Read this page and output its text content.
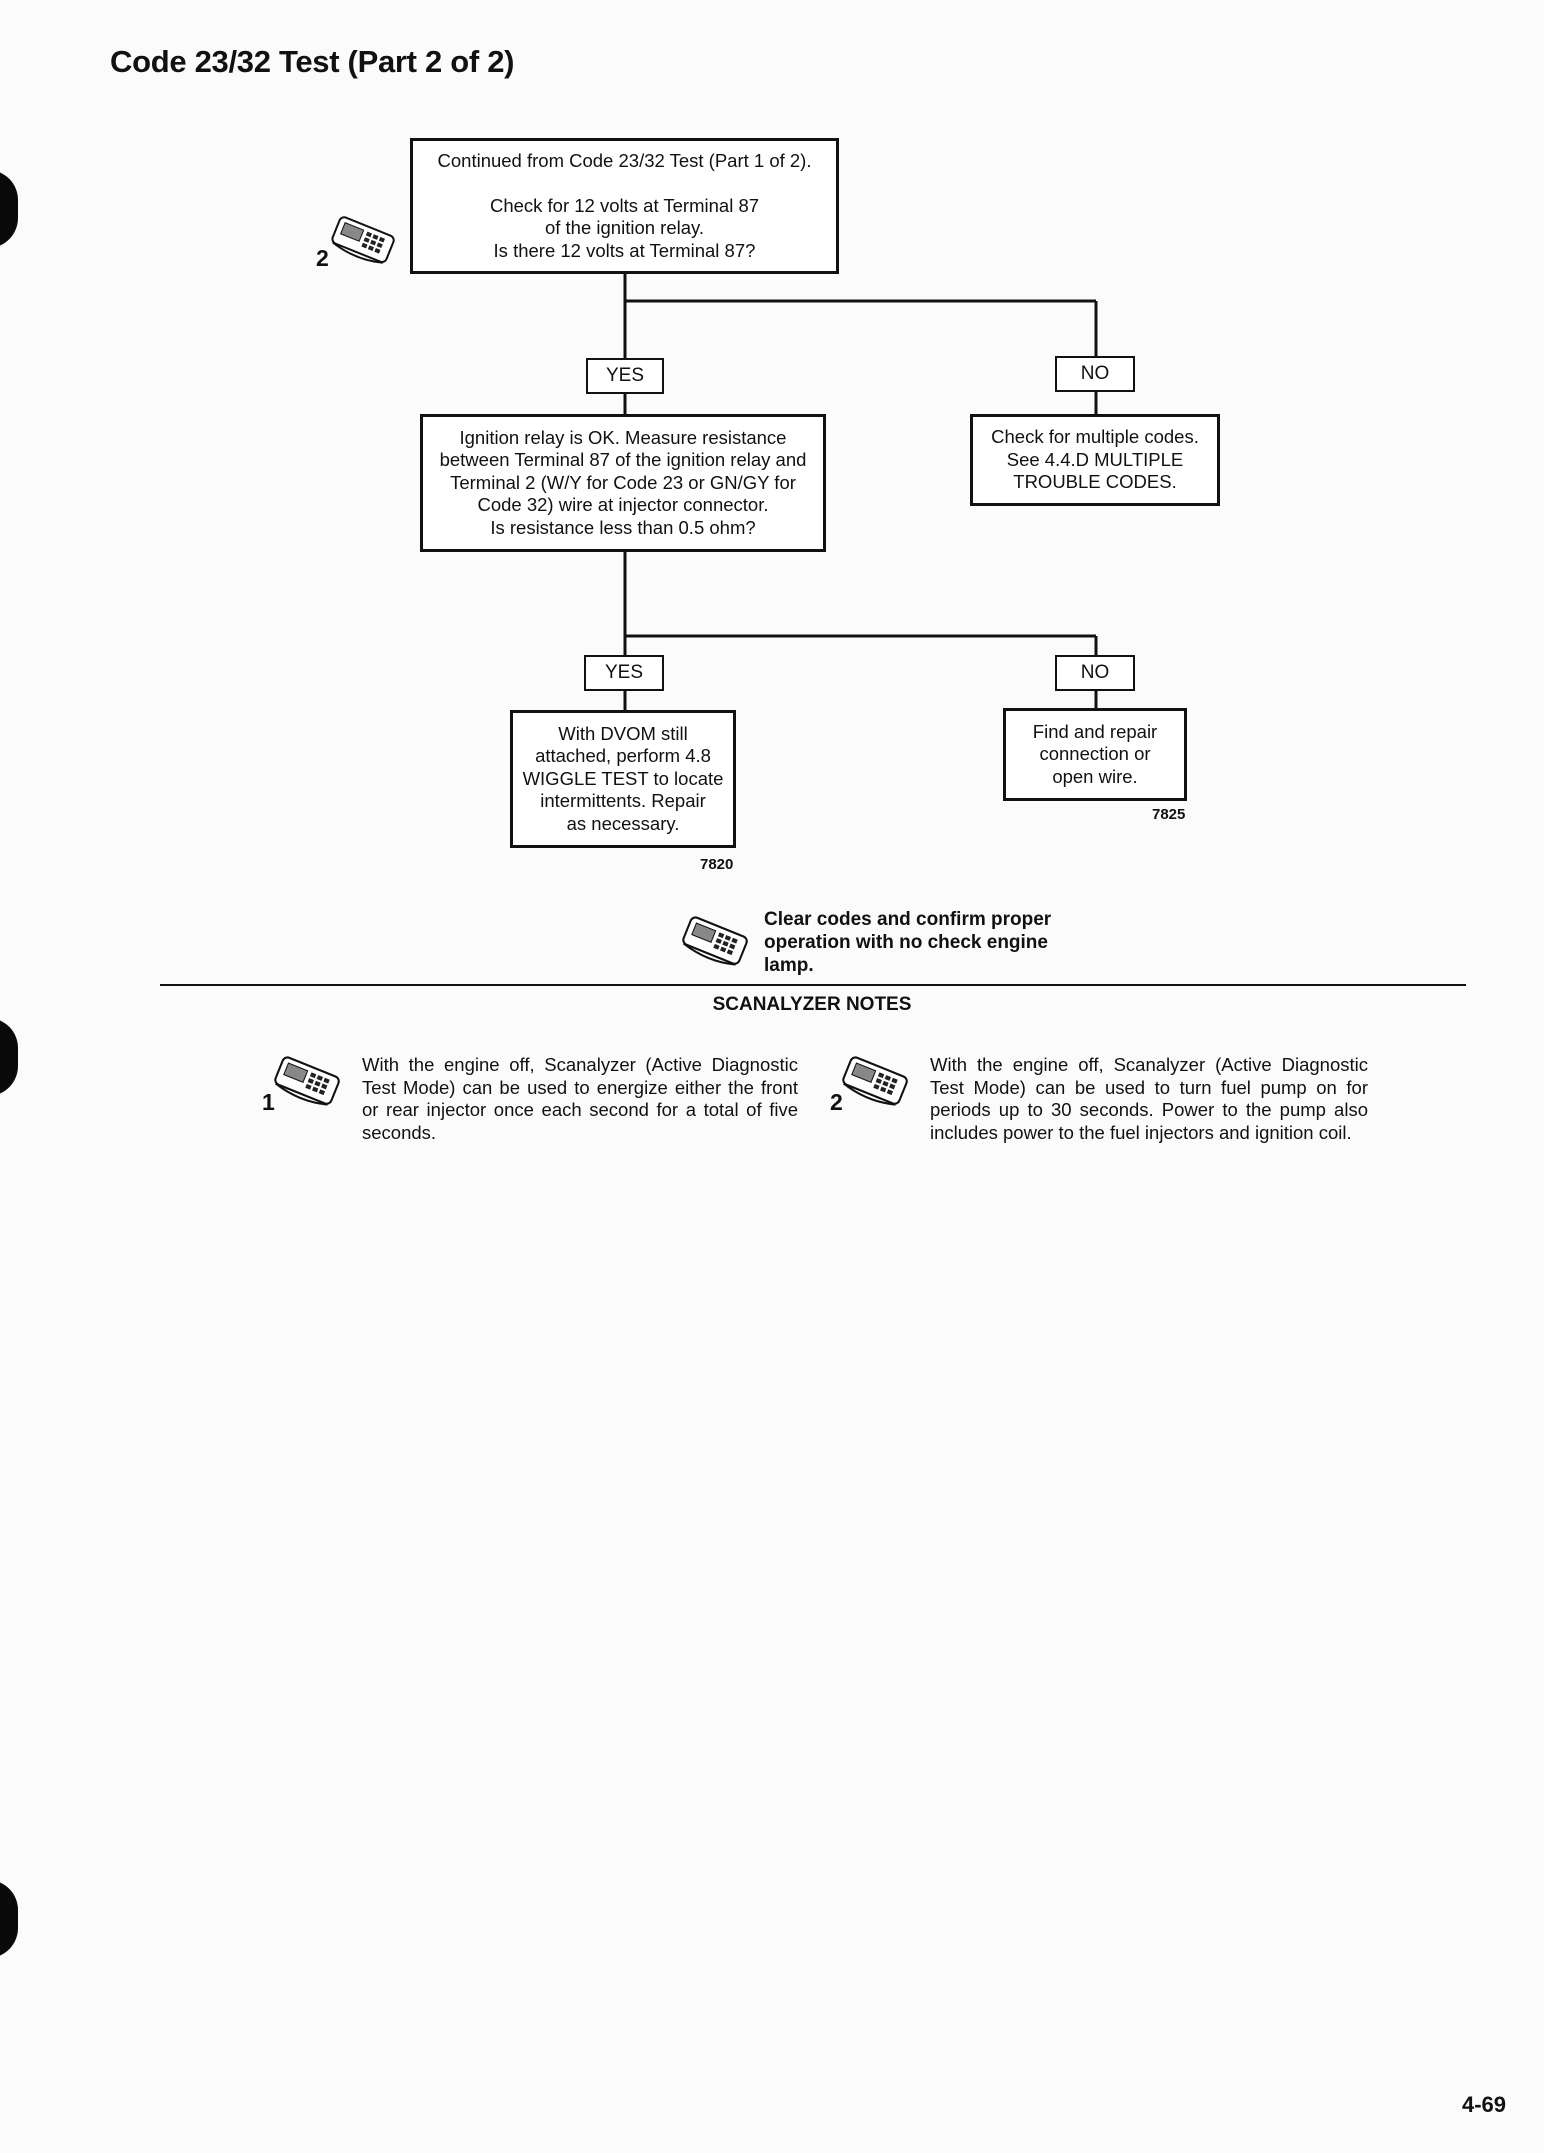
Code 23/32 Test (Part 2 of 2)
2

Continued from Code 23/32 Test (Part 1 of 2).

Check for 12 volts at Terminal 87

of the ignition relay.

Is there 12 volts at Terminal 87?

YES	NO

Ignition relay is OK. Measure resistance

between Terminal 87 of the ignition relay and

Terminal 2 (W/Y for Code 23 or GN/GY for

Code 32) wire at injector connector.

Is resistance less than 0.5 ohm?

Check for multiple codes.

See 4.4.D MULTIPLE

TROUBLE CODES.

YES	NO

With DVOM still

attached, perform 4.8

WIGGLE TEST to locate

intermittents. Repair

as necessary.

7820

Find and repair

connection or

open wire.

7825
Clear codes and confirm proper
operation with no check engine
lamp.
SCANALYZER NOTES
1
With the engine off, Scanalyzer (Active Diagnostic Test Mode) can be used to energize either the front or rear injector once each second for a total of five seconds.
2
With the engine off, Scanalyzer (Active Diagnostic Test Mode) can be used to turn fuel pump on for periods up to 30 seconds. Power to the pump also includes power to the fuel injectors and ignition coil.
4-69
